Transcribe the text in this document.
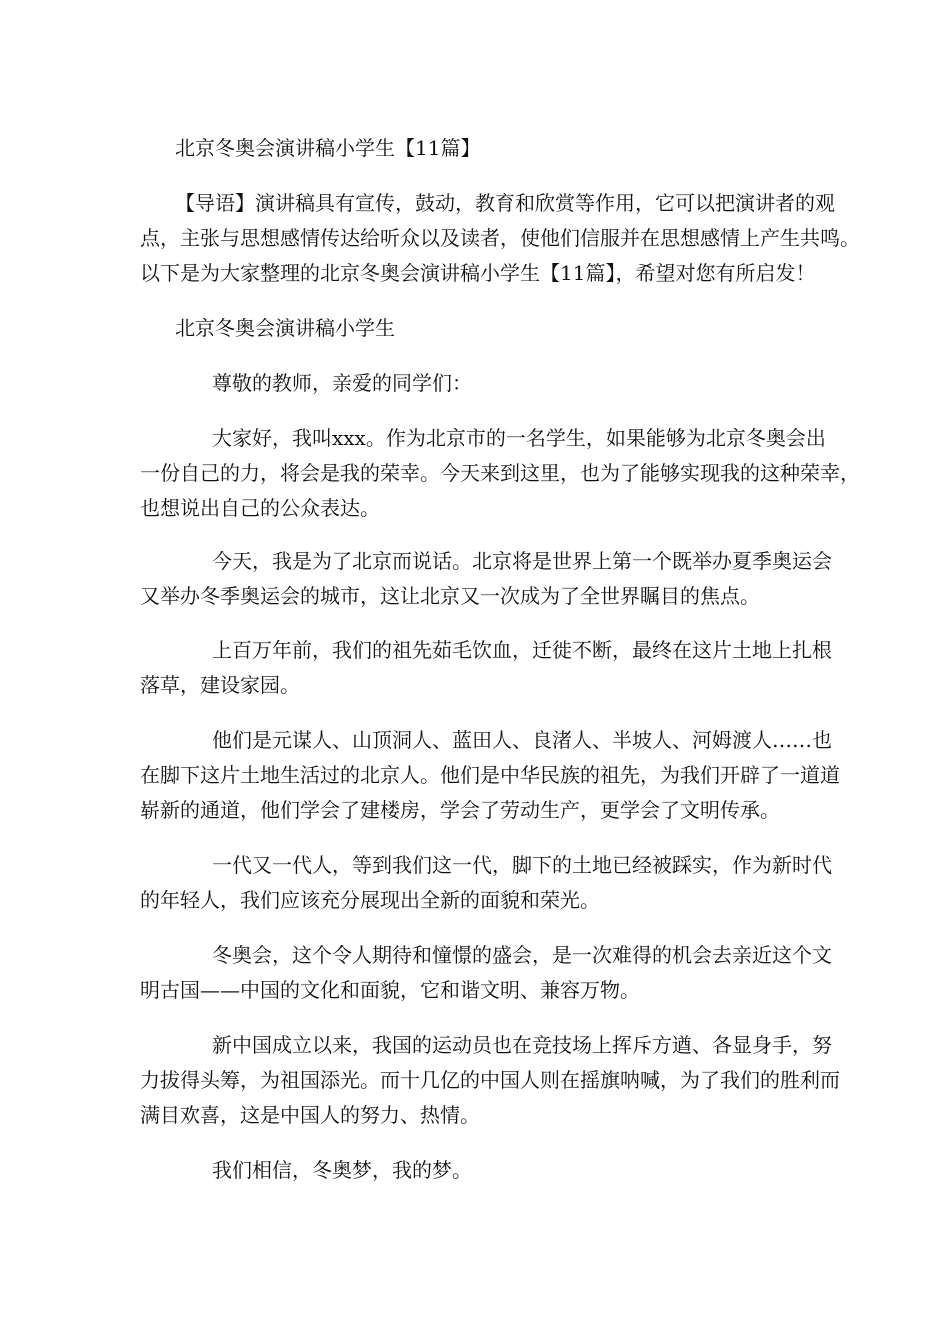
北京冬奥会演讲稿小学生【11篇】
【导语】演讲稿具有宣传，鼓动，教育和欣赏等作用，它可以把演讲者的观
点，主张与思想感情传达给听众以及读者，使他们信服并在思想感情上产生共鸣。
以下是为大家整理的北京冬奥会演讲稿小学生【11篇】，希望对您有所启发！
北京冬奥会演讲稿小学生
尊敬的教师，亲爱的同学们：
大家好，我叫xxx。作为北京市的一名学生，如果能够为北京冬奥会出
一份自己的力，将会是我的荣幸。今天来到这里，也为了能够实现我的这种荣幸，
也想说出自己的公众表达。
今天，我是为了北京而说话。北京将是世界上第一个既举办夏季奥运会
又举办冬季奥运会的城市，这让北京又一次成为了全世界瞩目的焦点。
上百万年前，我们的祖先茹毛饮血，迁徙不断，最终在这片土地上扎根
落草，建设家园。
他们是元谋人、山顶洞人、蓝田人、良渚人、半坡人、河姆渡人……也
在脚下这片土地生活过的北京人。他们是中华民族的祖先，为我们开辟了一道道
崭新的通道，他们学会了建楼房，学会了劳动生产，更学会了文明传承。
一代又一代人，等到我们这一代，脚下的土地已经被踩实，作为新时代
的年轻人，我们应该充分展现出全新的面貌和荣光。
冬奥会，这个令人期待和憧憬的盛会，是一次难得的机会去亲近这个文
明古国——中国的文化和面貌，它和谐文明、兼容万物。
新中国成立以来，我国的运动员也在竞技场上挥斥方遒、各显身手，努
力拔得头筹，为祖国添光。而十几亿的中国人则在摇旗呐喊，为了我们的胜利而
满目欢喜，这是中国人的努力、热情。
我们相信，冬奥梦，我的梦。
